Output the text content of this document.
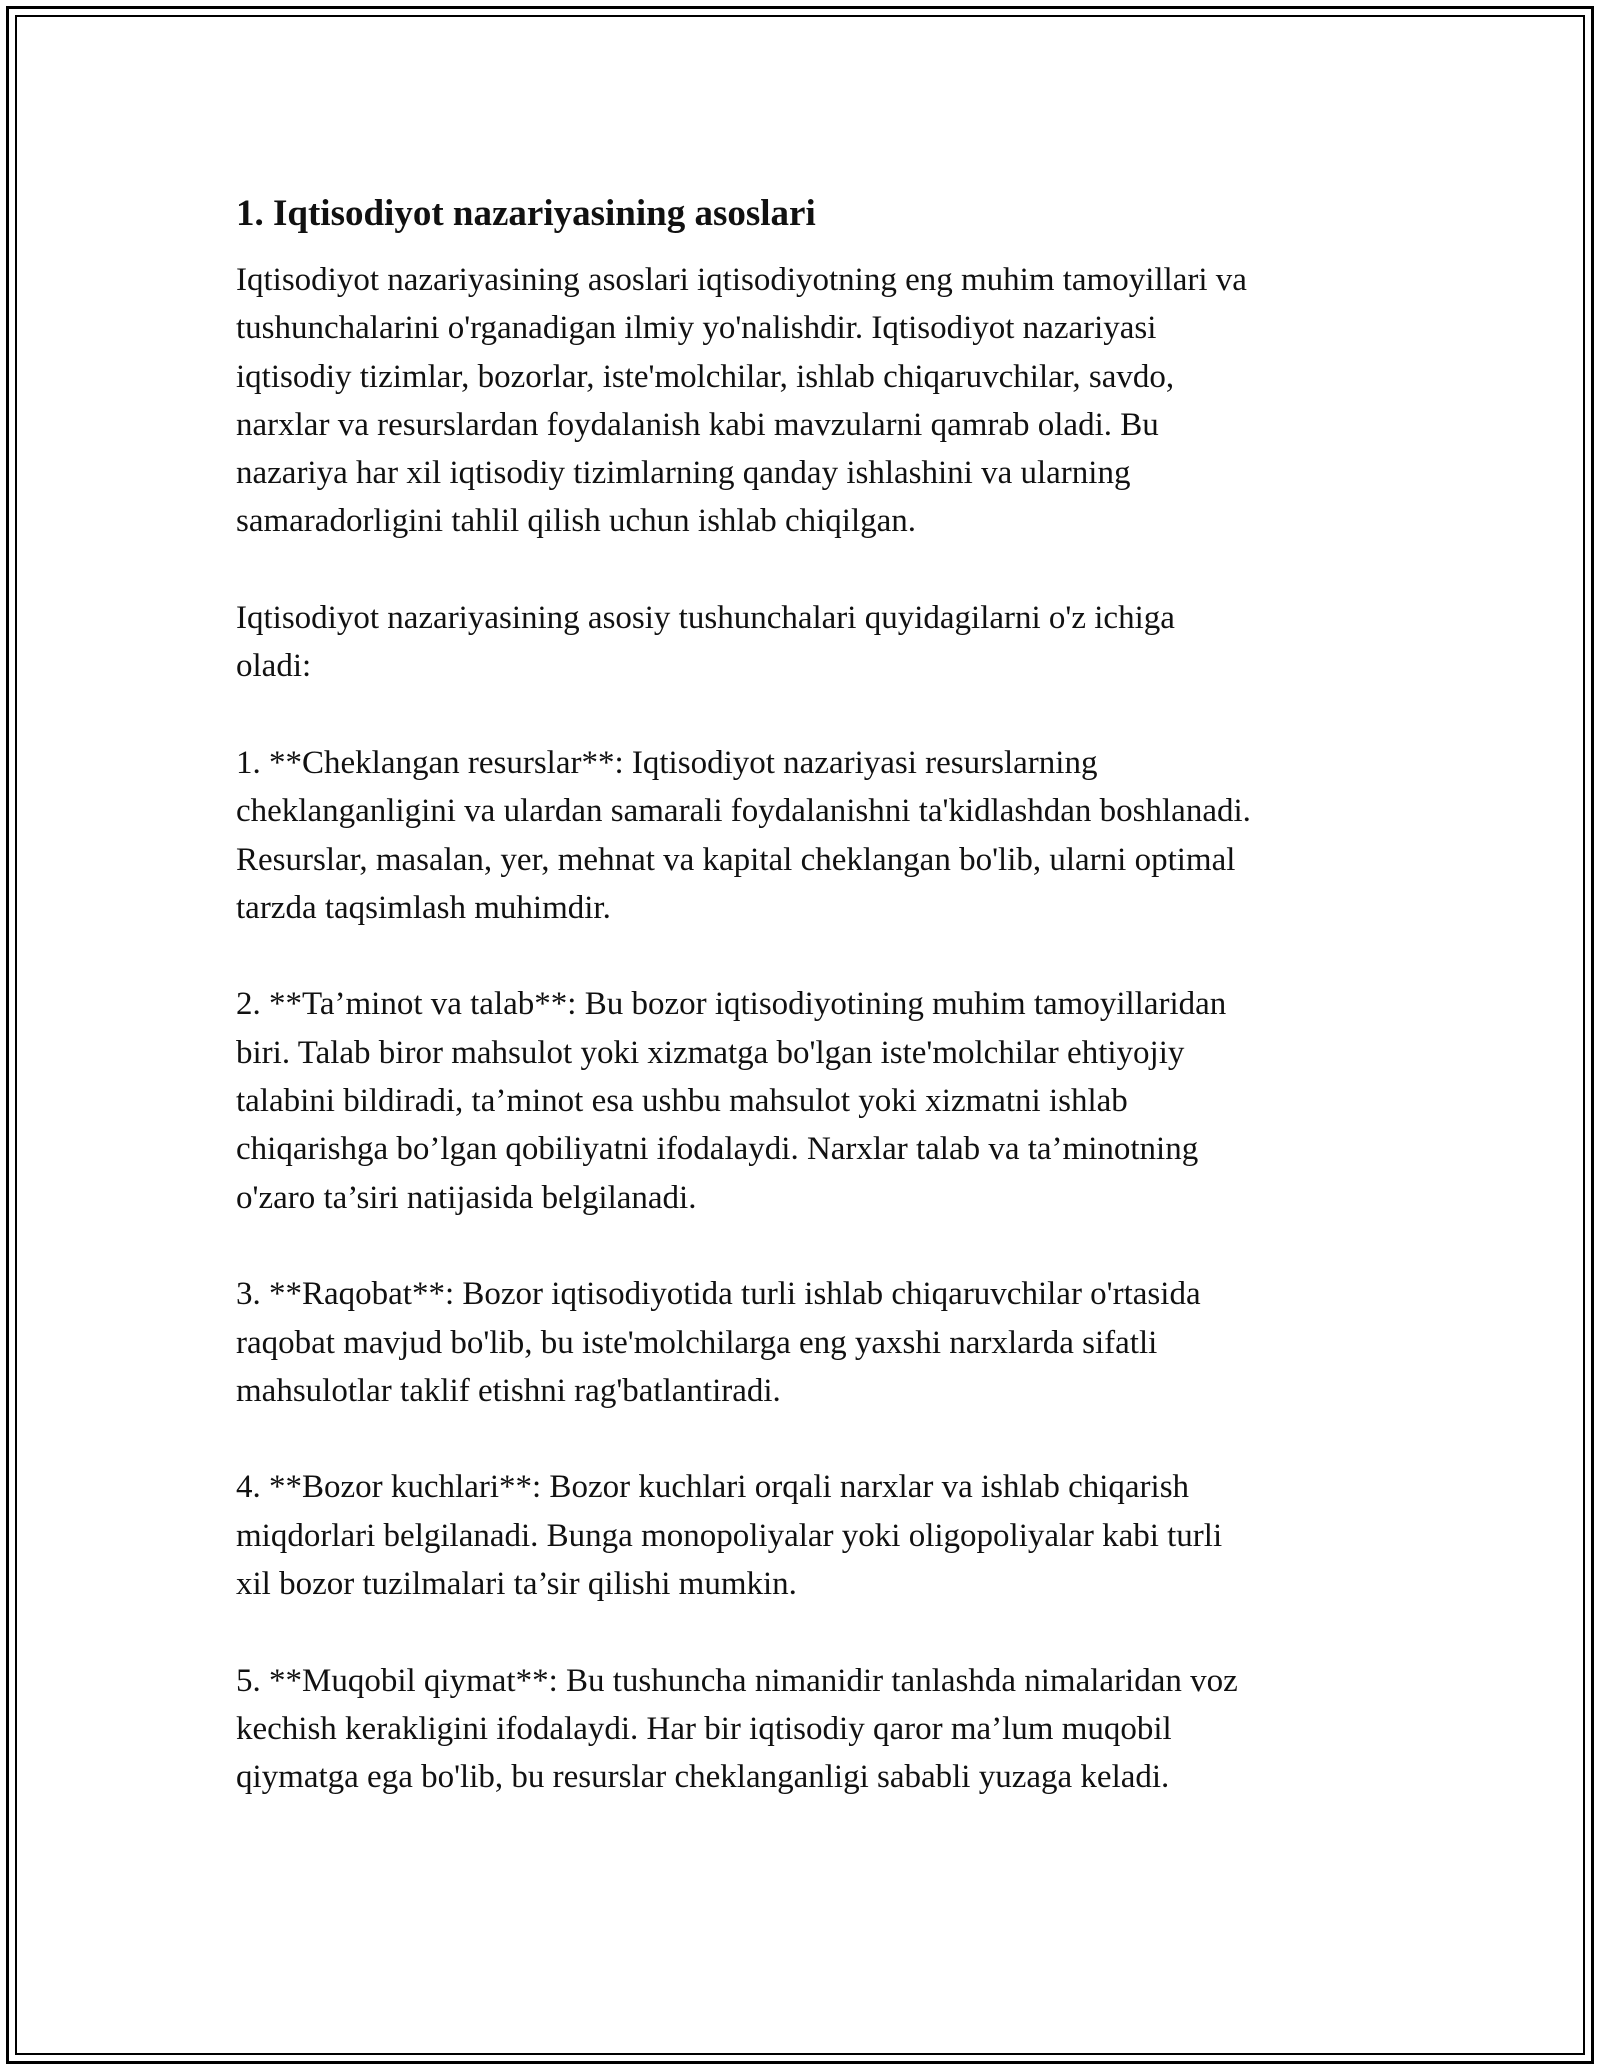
1. Iqtisodiyot nazariyasining asoslari

Iqtisodiyot nazariyasining asoslari iqtisodiyotning eng muhim tamoyillari va
tushunchalarini o'rganadigan ilmiy yo'nalishdir. Iqtisodiyot nazariyasi
iqtisodiy tizimlar, bozorlar, iste'molchilar, ishlab chiqaruvchilar, savdo,
narxlar va resurslardan foydalanish kabi mavzularni qamrab oladi. Bu
nazariya har xil iqtisodiy tizimlarning qanday ishlashini va ularning
samaradorligini tahlil qilish uchun ishlab chiqilgan.

Iqtisodiyot nazariyasining asosiy tushunchalari quyidagilarni o'z ichiga
oladi:

1. **Cheklangan resurslar**: Iqtisodiyot nazariyasi resurslarning
cheklanganligini va ulardan samarali foydalanishni ta'kidlashdan boshlanadi.
Resurslar, masalan, yer, mehnat va kapital cheklangan bo'lib, ularni optimal
tarzda taqsimlash muhimdir.

2. **Ta’minot va talab**: Bu bozor iqtisodiyotining muhim tamoyillaridan
biri. Talab biror mahsulot yoki xizmatga bo'lgan iste'molchilar ehtiyojiy
talabini bildiradi, ta’minot esa ushbu mahsulot yoki xizmatni ishlab
chiqarishga bo’lgan qobiliyatni ifodalaydi. Narxlar talab va ta’minotning
o'zaro ta’siri natijasida belgilanadi.

3. **Raqobat**: Bozor iqtisodiyotida turli ishlab chiqaruvchilar o'rtasida
raqobat mavjud bo'lib, bu iste'molchilarga eng yaxshi narxlarda sifatli
mahsulotlar taklif etishni rag'batlantiradi.

4. **Bozor kuchlari**: Bozor kuchlari orqali narxlar va ishlab chiqarish
miqdorlari belgilanadi. Bunga monopoliyalar yoki oligopoliyalar kabi turli
xil bozor tuzilmalari ta’sir qilishi mumkin.

5. **Muqobil qiymat**: Bu tushuncha nimanidir tanlashda nimalaridan voz
kechish kerakligini ifodalaydi. Har bir iqtisodiy qaror ma’lum muqobil
qiymatga ega bo'lib, bu resurslar cheklanganligi sababli yuzaga keladi.
